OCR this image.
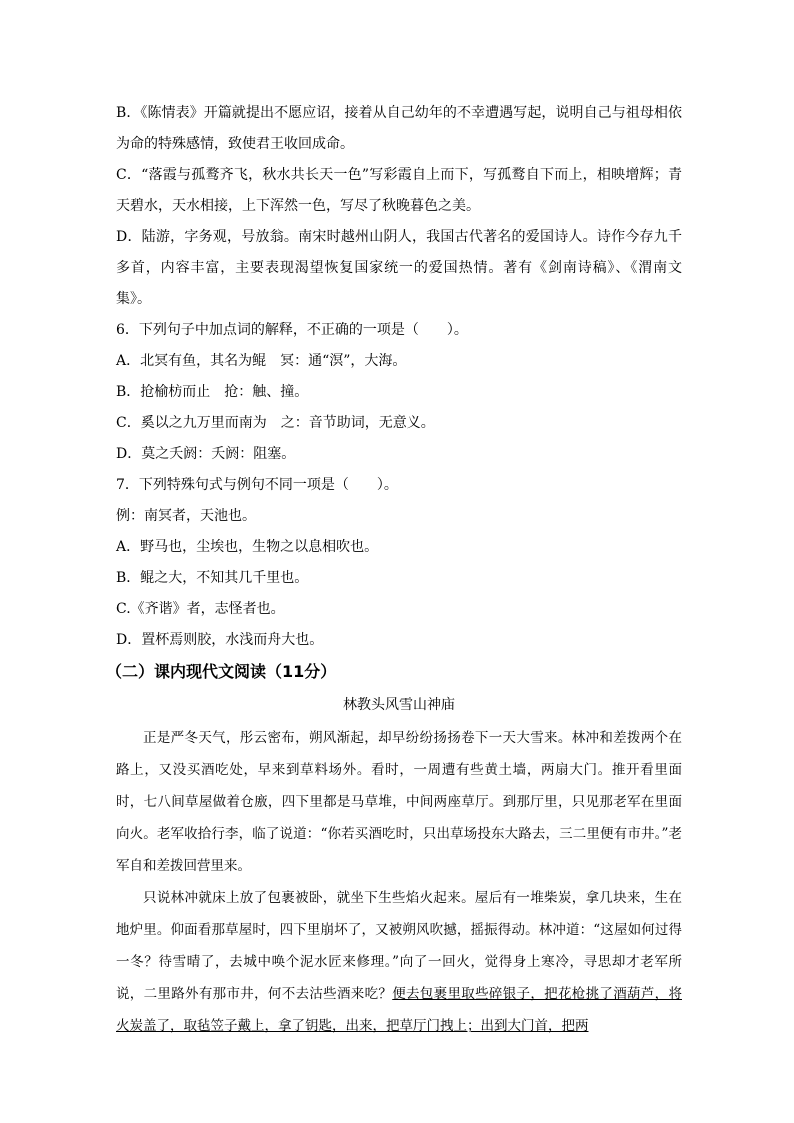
B．《陈情表》开篇就提出不愿应诏，接着从自己幼年的不幸遭遇写起，说明自己与祖母相依为命的特殊感情，致使君王收回成命。

C．“落霞与孤鹜齐飞，秋水共长天一色”写彩霞自上而下，写孤鹜自下而上，相映增辉；青天碧水，天水相接，上下浑然一色，写尽了秋晚暮色之美。

D．陆游，字务观，号放翁。南宋时越州山阴人，我国古代著名的爱国诗人。诗作今存九千多首，内容丰富，主要表现渴望恢复国家统一的爱国热情。著有《剑南诗稿》、《渭南文集》。

6．下列句子中加点词的解释，不正确的一项是（　　）。

A．北冥有鱼，其名为鲲　冥：通“溟”，大海。

B．抢榆枋而止　抢：触、撞。

C．奚以之九万里而南为　之：音节助词，无意义。

D．莫之夭阏：夭阏：阻塞。

7．下列特殊句式与例句不同一项是（　　）。

例：南冥者，天池也。

A．野马也，尘埃也，生物之以息相吹也。

B．鲲之大，不知其几千里也。

C.《齐谐》者，志怪者也。

D．置杯焉则胶，水浅而舟大也。

（二）课内现代文阅读（11分）
林教头风雪山神庙

正是严冬天气，彤云密布，朔风渐起，却早纷纷扬扬卷下一天大雪来。林冲和差拨两个在路上，又没买酒吃处，早来到草料场外。看时，一周遭有些黄土墙，两扇大门。推开看里面时，七八间草屋做着仓廒，四下里都是马草堆，中间两座草厅。到那厅里，只见那老军在里面向火。老军收拾行李，临了说道：“你若买酒吃时，只出草场投东大路去，三二里便有市井。”老军自和差拨回营里来。

只说林冲就床上放了包裹被卧，就坐下生些焰火起来。屋后有一堆柴炭，拿几块来，生在地炉里。仰面看那草屋时，四下里崩坏了，又被朔风吹撼，摇振得动。林冲道：“这屋如何过得一冬？待雪晴了，去城中唤个泥水匠来修理。”向了一回火，觉得身上寒冷，寻思却才老军所说，二里路外有那市井，何不去沽些酒来吃？便去包裹里取些碎银子，把花枪挑了酒葫芦，将火炭盖了，取毡笠子戴上，拿了钥匙，出来，把草厅门拽上；出到大门首，把两
